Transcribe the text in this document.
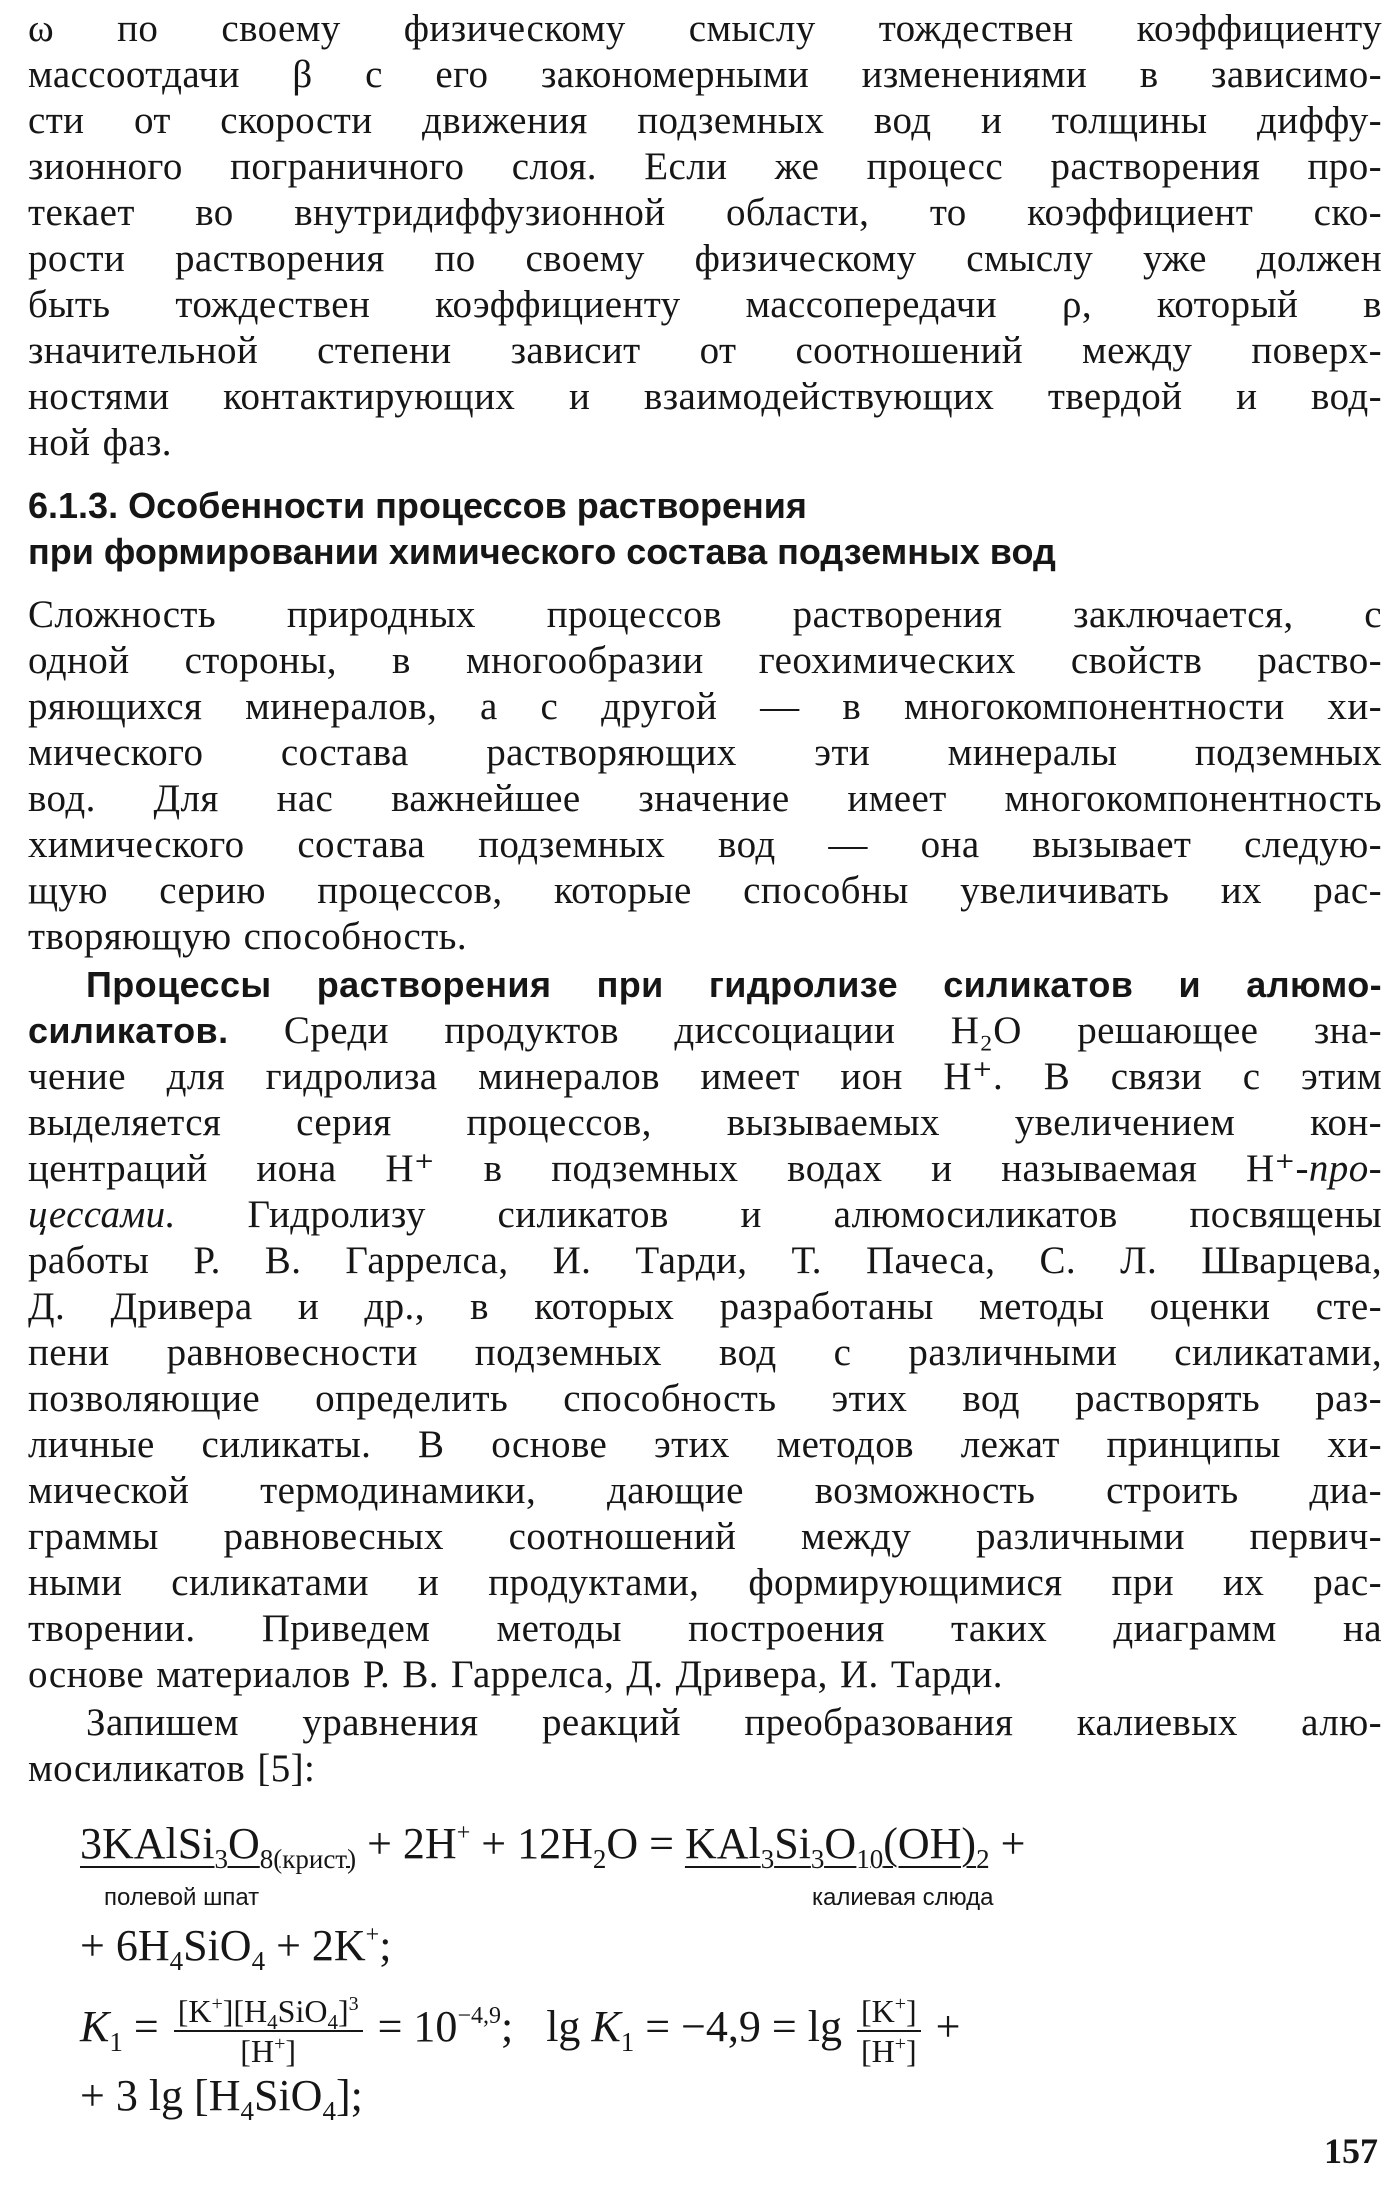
ω по своему физическому смыслу тождествен коэффициенту
массоотдачи β с его закономерными изменениями в зависимо-
сти от скорости движения подземных вод и толщины диффу-
зионного пограничного слоя. Если же процесс растворения про-
текает во внутридиффузионной области, то коэффициент ско-
рости растворения по своему физическому смыслу уже должен
быть тождествен коэффициенту массопередачи ρ, который в
значительной степени зависит от соотношений между поверх-
ностями контактирующих и взаимодействующих твердой и вод-
ной фаз.
6.1.3. Особенности процессов растворения
при формировании химического состава подземных вод
Сложность природных процессов растворения заключается, с
одной стороны, в многообразии геохимических свойств раство-
ряющихся минералов, а с другой — в многокомпонентности хи-
мического состава растворяющих эти минералы подземных
вод. Для нас важнейшее значение имеет многокомпонентность
химического состава подземных вод — она вызывает следую-
щую серию процессов, которые способны увеличивать их рас-
творяющую способность.
Процессы растворения при гидролизе силикатов и алюмо-
силикатов. Среди продуктов диссоциации H₂O решающее зна-
чение для гидролиза минералов имеет ион H⁺. В связи с этим
выделяется серия процессов, вызываемых увеличением кон-
центраций иона H⁺ в подземных водах и называемая H⁺-про-
цессами. Гидролизу силикатов и алюмосиликатов посвящены
работы Р. В. Гаррелса, И. Тарди, Т. Пачеса, С. Л. Шварцева,
Д. Дривера и др., в которых разработаны методы оценки сте-
пени равновесности подземных вод с различными силикатами,
позволяющие определить способность этих вод растворять раз-
личные силикаты. В основе этих методов лежат принципы хи-
мической термодинамики, дающие возможность строить диа-
граммы равновесных соотношений между различными первич-
ными силикатами и продуктами, формирующимися при их рас-
творении. Приведем методы построения таких диаграмм на
основе материалов Р. В. Гаррелса, Д. Дривера, И. Тарди.
Запишем уравнения реакций преобразования калиевых алю-
мосиликатов [5]:
$3KAlSi_3O_{8(крист)} + 2H^+ + 12H_2O = KAl_3Si_3O_{10}(OH)_2$ +
полевой шпат	калиевая слюда
+ $6H_4SiO_4 + 2K^+$;
$K_1 = \frac{[K^+][H_4SiO_4]^3}{[H^+]} = 10^{-4,9}$;   $\lg K_1 = -4,9 = \lg \frac{[K^+]}{[H^+]}$ +
+ 3 $\lg [H_4SiO_4]$;
157
